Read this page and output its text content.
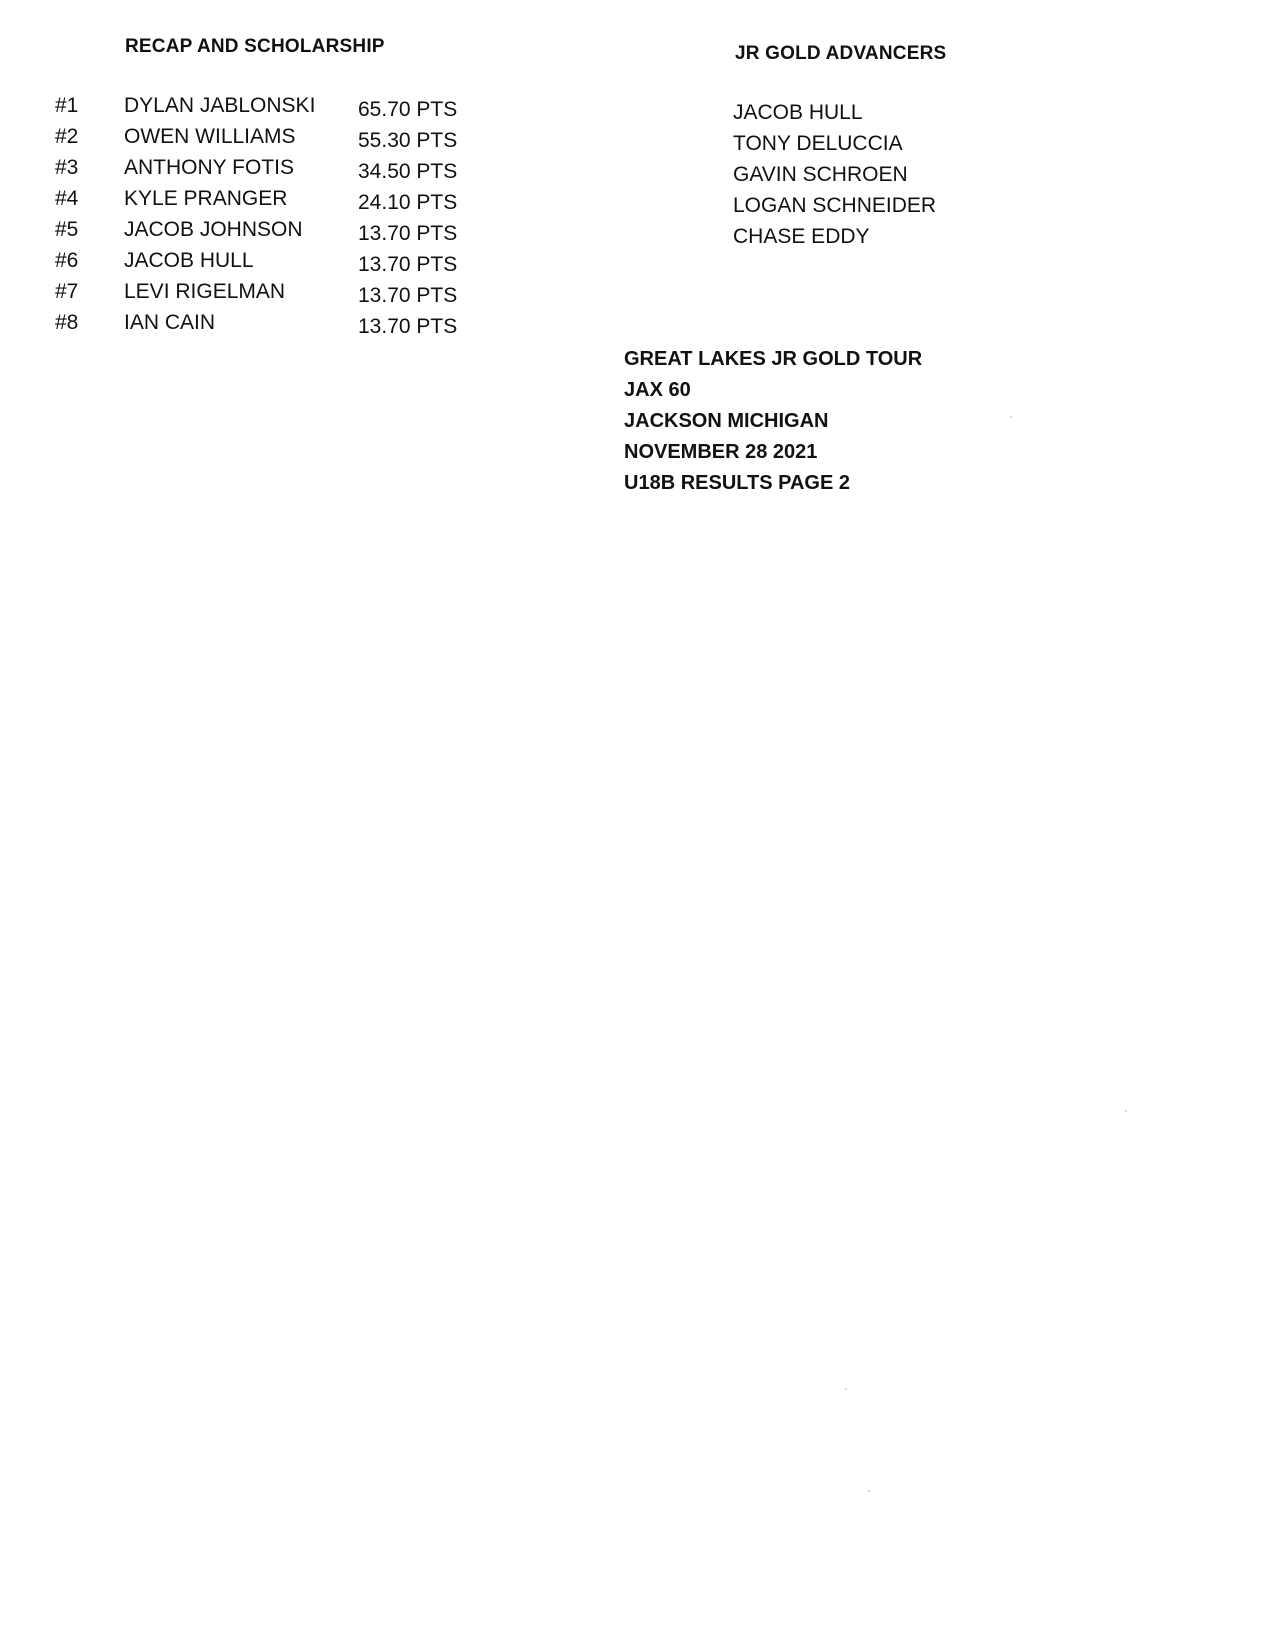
RECAP AND SCHOLARSHIP
#1 DYLAN JABLONSKI 65.70 PTS
#2 OWEN WILLIAMS	55.30 PTS
#3 ANTHONY FOTIS	34.50 PTS
#4 KYLE PRANGER	24.10 PTS
#5 JACOB JOHNSON	13.70 PTS
#6 JACOB HULL	13.70 PTS
#7 LEVI RIGELMAN	13.70 PTS
#8 IAN CAIN	13.70 PTS
JR GOLD ADVANCERS
JACOB HULL
TONY DELUCCIA
GAVIN SCHROEN
LOGAN SCHNEIDER
CHASE EDDY
GREAT LAKES JR GOLD TOUR
JAX 60
JACKSON MICHIGAN
NOVEMBER 28 2021
U18B RESULTS PAGE 2
